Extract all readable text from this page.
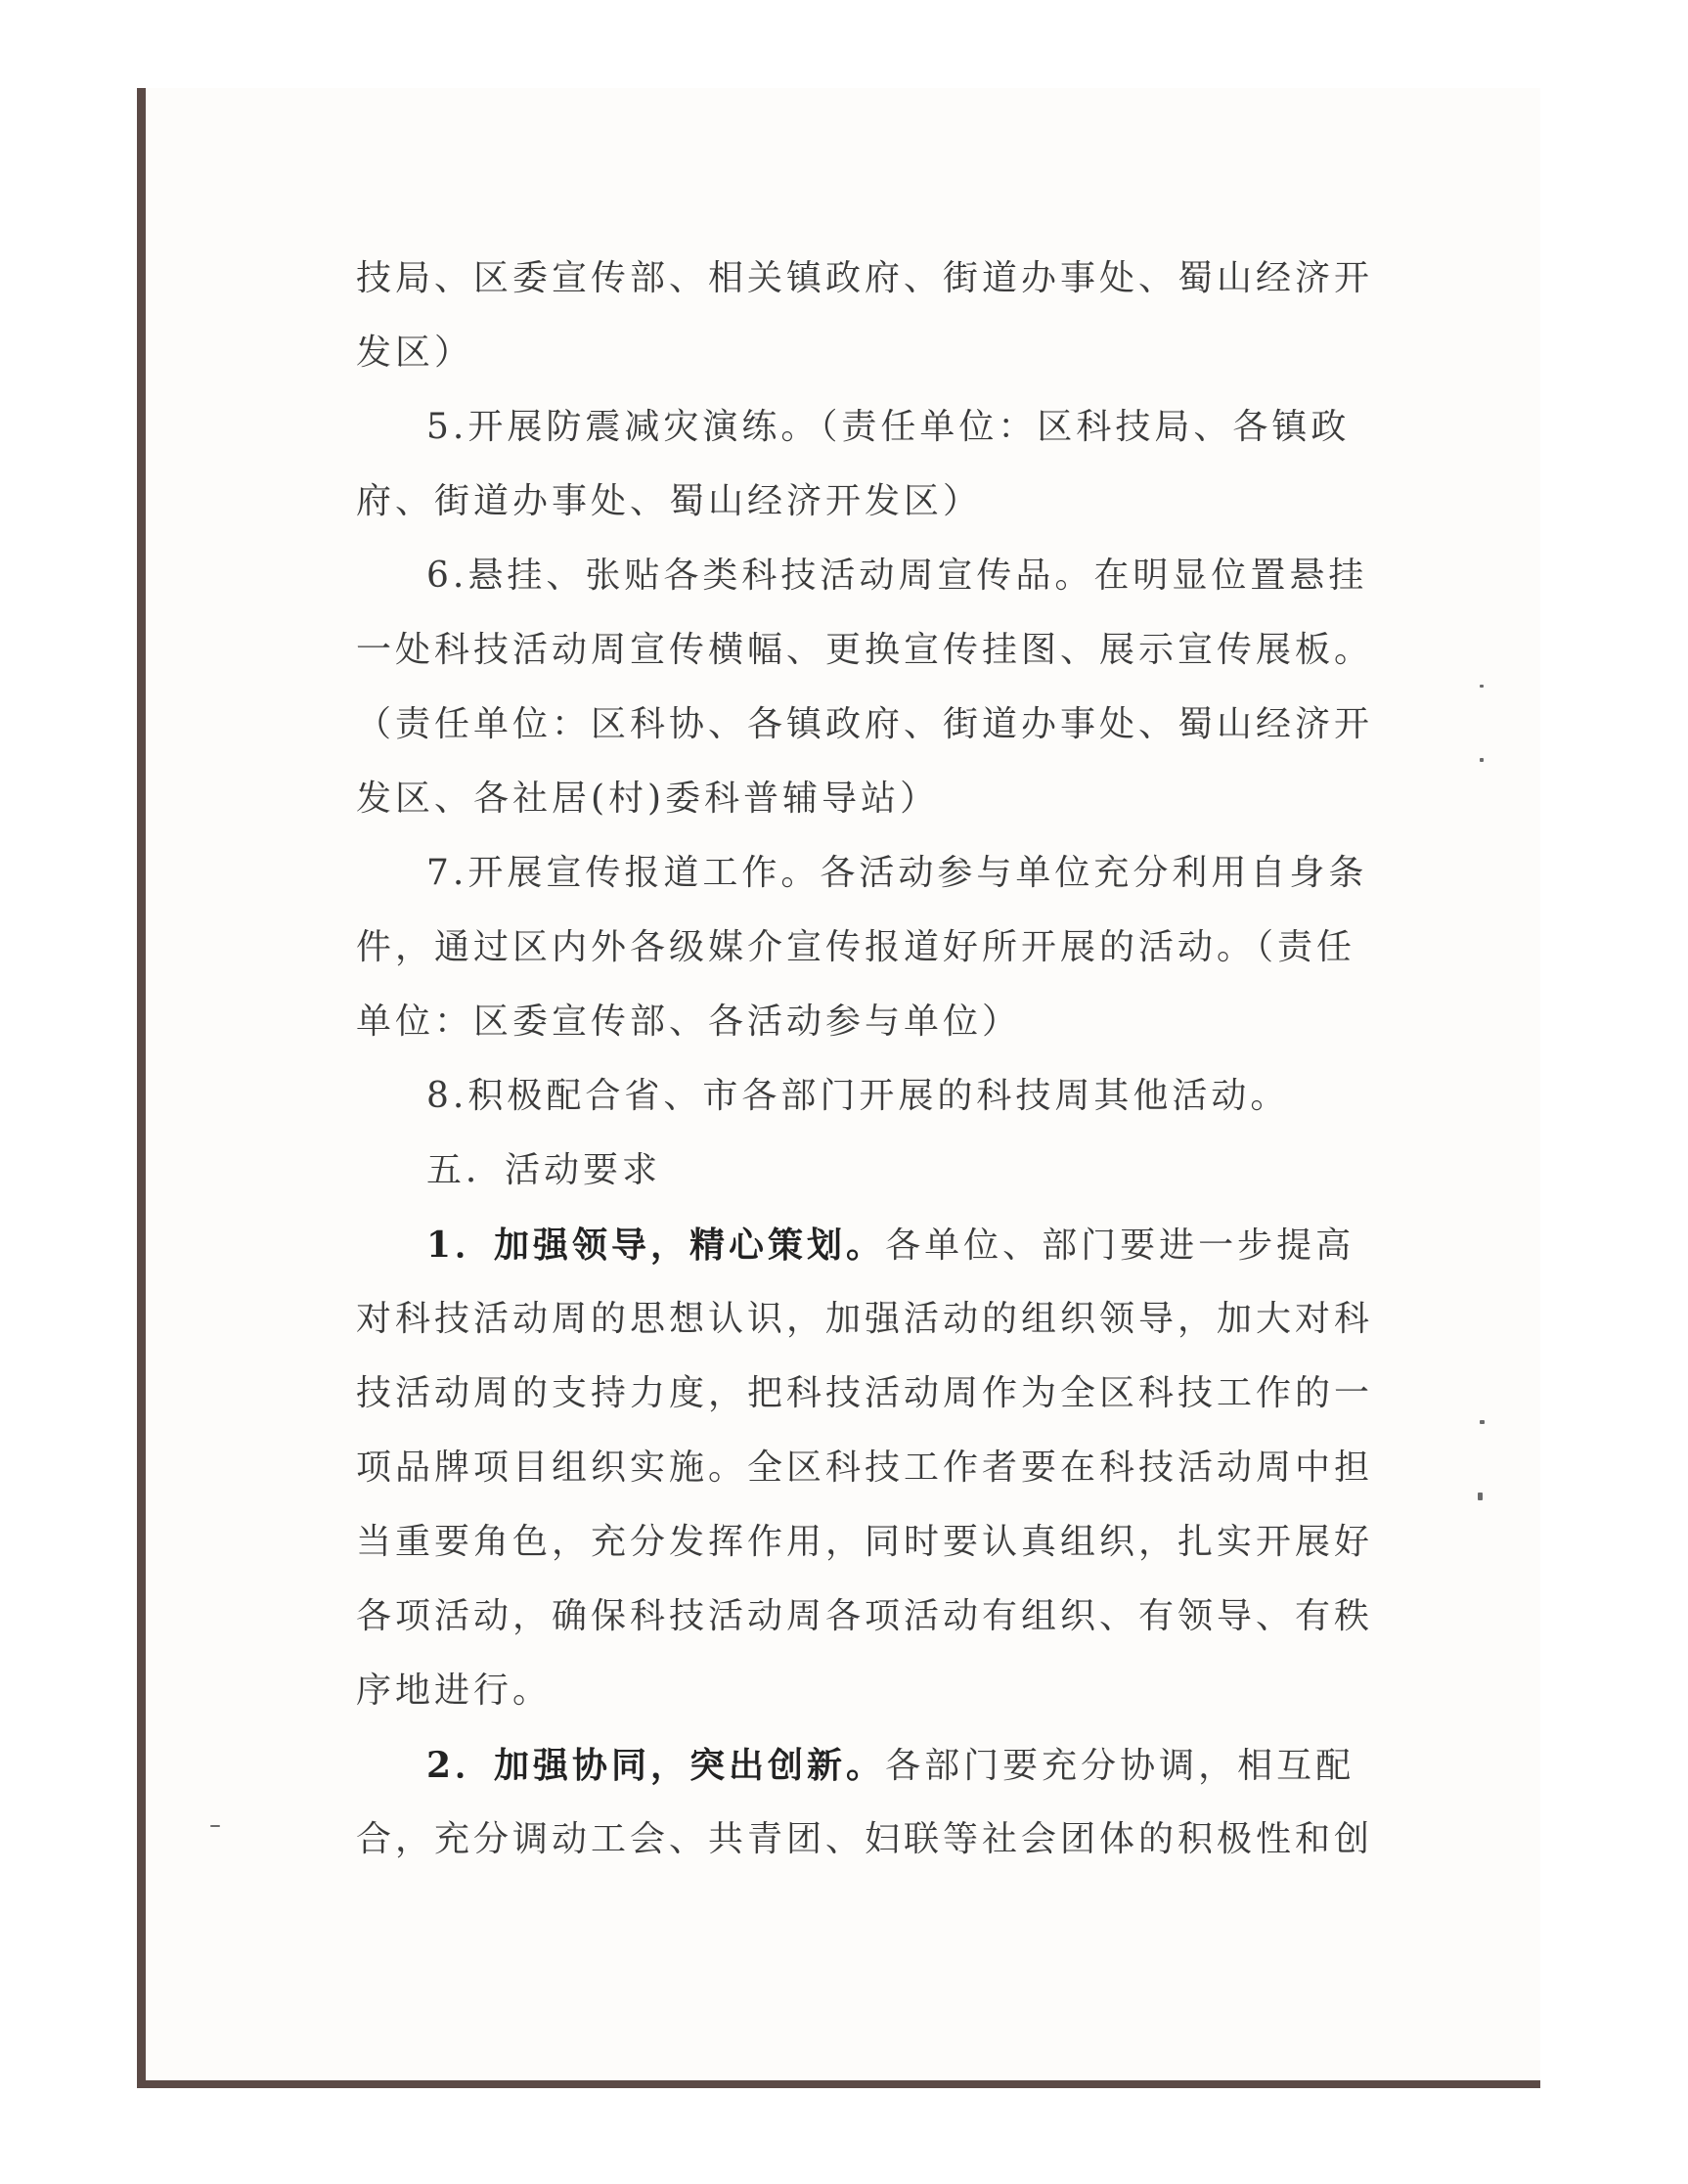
技局、区委宣传部、相关镇政府、街道办事处、蜀山经济开
发区）
5.开展防震减灾演练。（责任单位：区科技局、各镇政
府、街道办事处、蜀山经济开发区）
6.悬挂、张贴各类科技活动周宣传品。在明显位置悬挂
一处科技活动周宣传横幅、更换宣传挂图、展示宣传展板。
（责任单位：区科协、各镇政府、街道办事处、蜀山经济开
发区、各社居(村)委科普辅导站）
7.开展宣传报道工作。各活动参与单位充分利用自身条
件，通过区内外各级媒介宣传报道好所开展的活动。（责任
单位：区委宣传部、各活动参与单位）
8.积极配合省、市各部门开展的科技周其他活动。
五．活动要求
1．加强领导，精心策划。各单位、部门要进一步提高
对科技活动周的思想认识，加强活动的组织领导，加大对科
技活动周的支持力度，把科技活动周作为全区科技工作的一
项品牌项目组织实施。全区科技工作者要在科技活动周中担
当重要角色，充分发挥作用，同时要认真组织，扎实开展好
各项活动，确保科技活动周各项活动有组织、有领导、有秩
序地进行。
2．加强协同，突出创新。各部门要充分协调，相互配
合，充分调动工会、共青团、妇联等社会团体的积极性和创
